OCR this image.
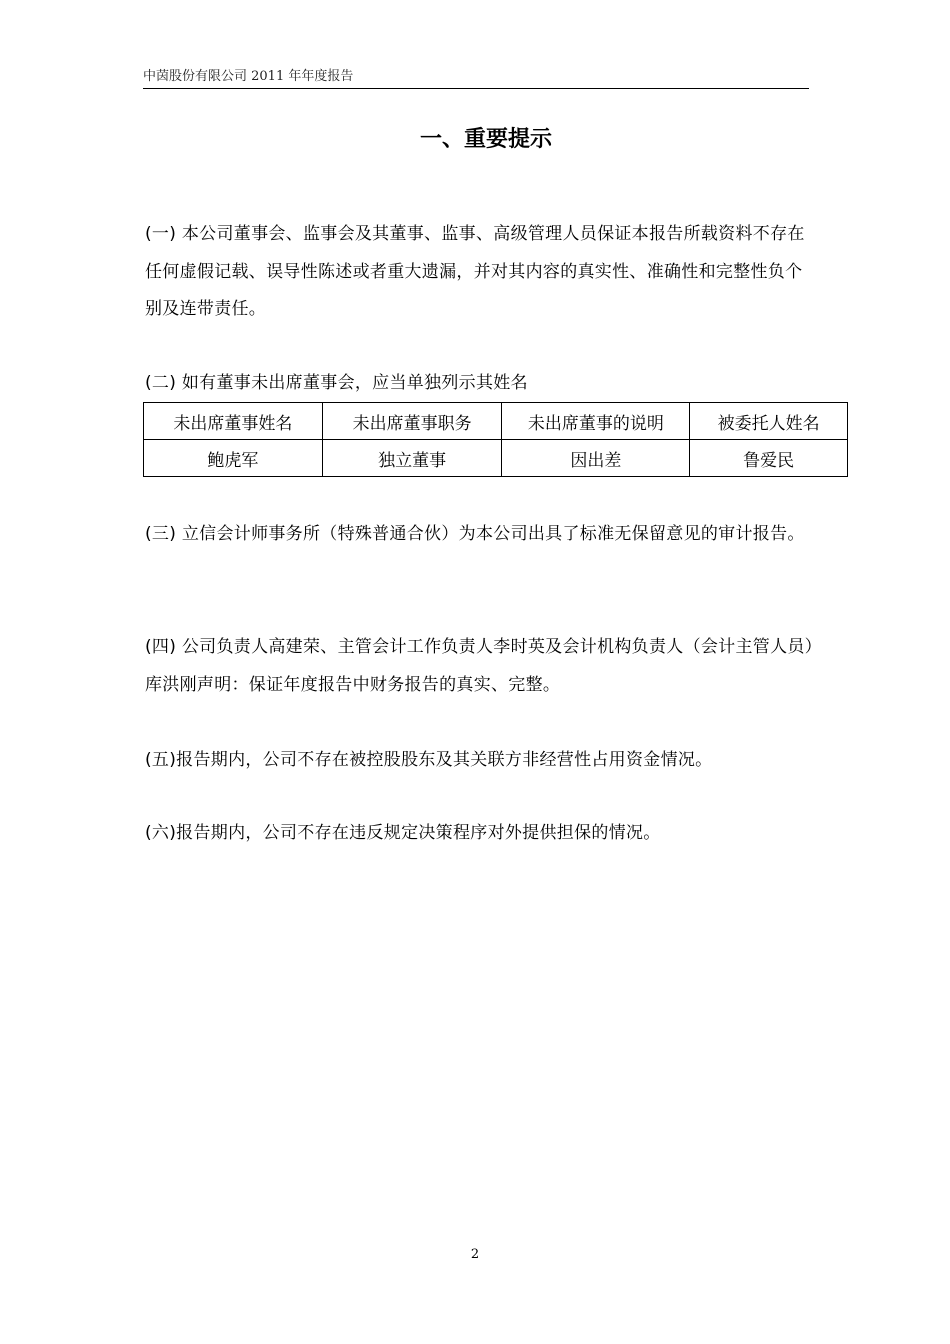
中茵股份有限公司 2011 年年度报告
一、重要提示

(一) 本公司董事会、监事会及其董事、监事、高级管理人员保证本报告所载资料不存在任何虚假记载、误导性陈述或者重大遗漏，并对其内容的真实性、准确性和完整性负个别及连带责任。

(二) 如有董事未出席董事会，应当单独列示其姓名

未出席董事姓名	未出席董事职务	未出席董事的说明	被委托人姓名
鲍虎军	独立董事	因出差	鲁爱民

(三) 立信会计师事务所（特殊普通合伙）为本公司出具了标准无保留意见的审计报告。

(四) 公司负责人高建荣、主管会计工作负责人李时英及会计机构负责人（会计主管人员）库洪刚声明：保证年度报告中财务报告的真实、完整。

(五)报告期内，公司不存在被控股股东及其关联方非经营性占用资金情况。

(六)报告期内，公司不存在违反规定决策程序对外提供担保的情况。

2
